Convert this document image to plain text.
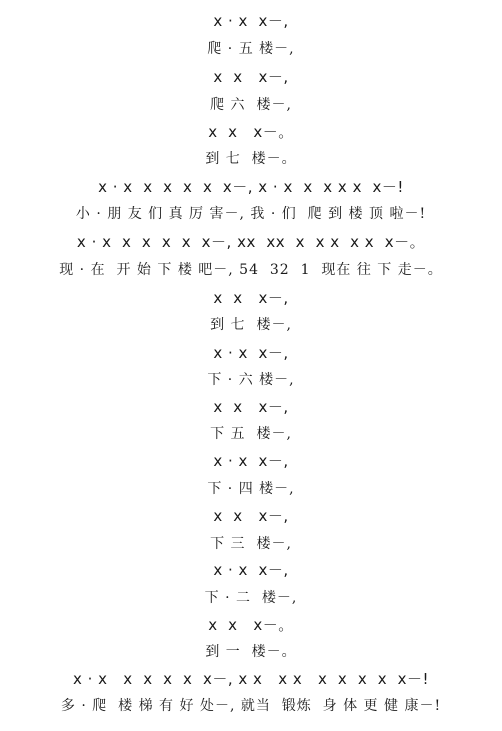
x · x  x－,
爬 · 五 楼－,
x  x   x－,
爬 六  楼－,
x  x   x－。
到 七  楼－。
x · x  x  x  x  x  x－, x · x  x  x x x  x－!
小 · 朋 友 们 真 厉 害－, 我 · 们  爬 到 楼 顶 啦－!
x · x  x  x  x  x  x－, xx  xx  x  x x  x x  x－。
现 · 在  开 始 下 楼 吧－, 54  32  1  现在 往 下 走－。
x  x   x－,
到 七  楼－,
x · x  x－,
下 · 六 楼－,
x  x   x－,
下 五  楼－,
x · x  x－,
下 · 四 楼－,
x  x   x－,
下 三  楼－,
x · x  x－,
下 · 二  楼－,
x  x   x－。
到 一  楼－。
x · x   x  x  x  x  x－, x x   x x   x  x  x  x  x－!
多 · 爬  楼 梯 有 好 处－, 就当  锻炼  身 体 更 健 康－!
